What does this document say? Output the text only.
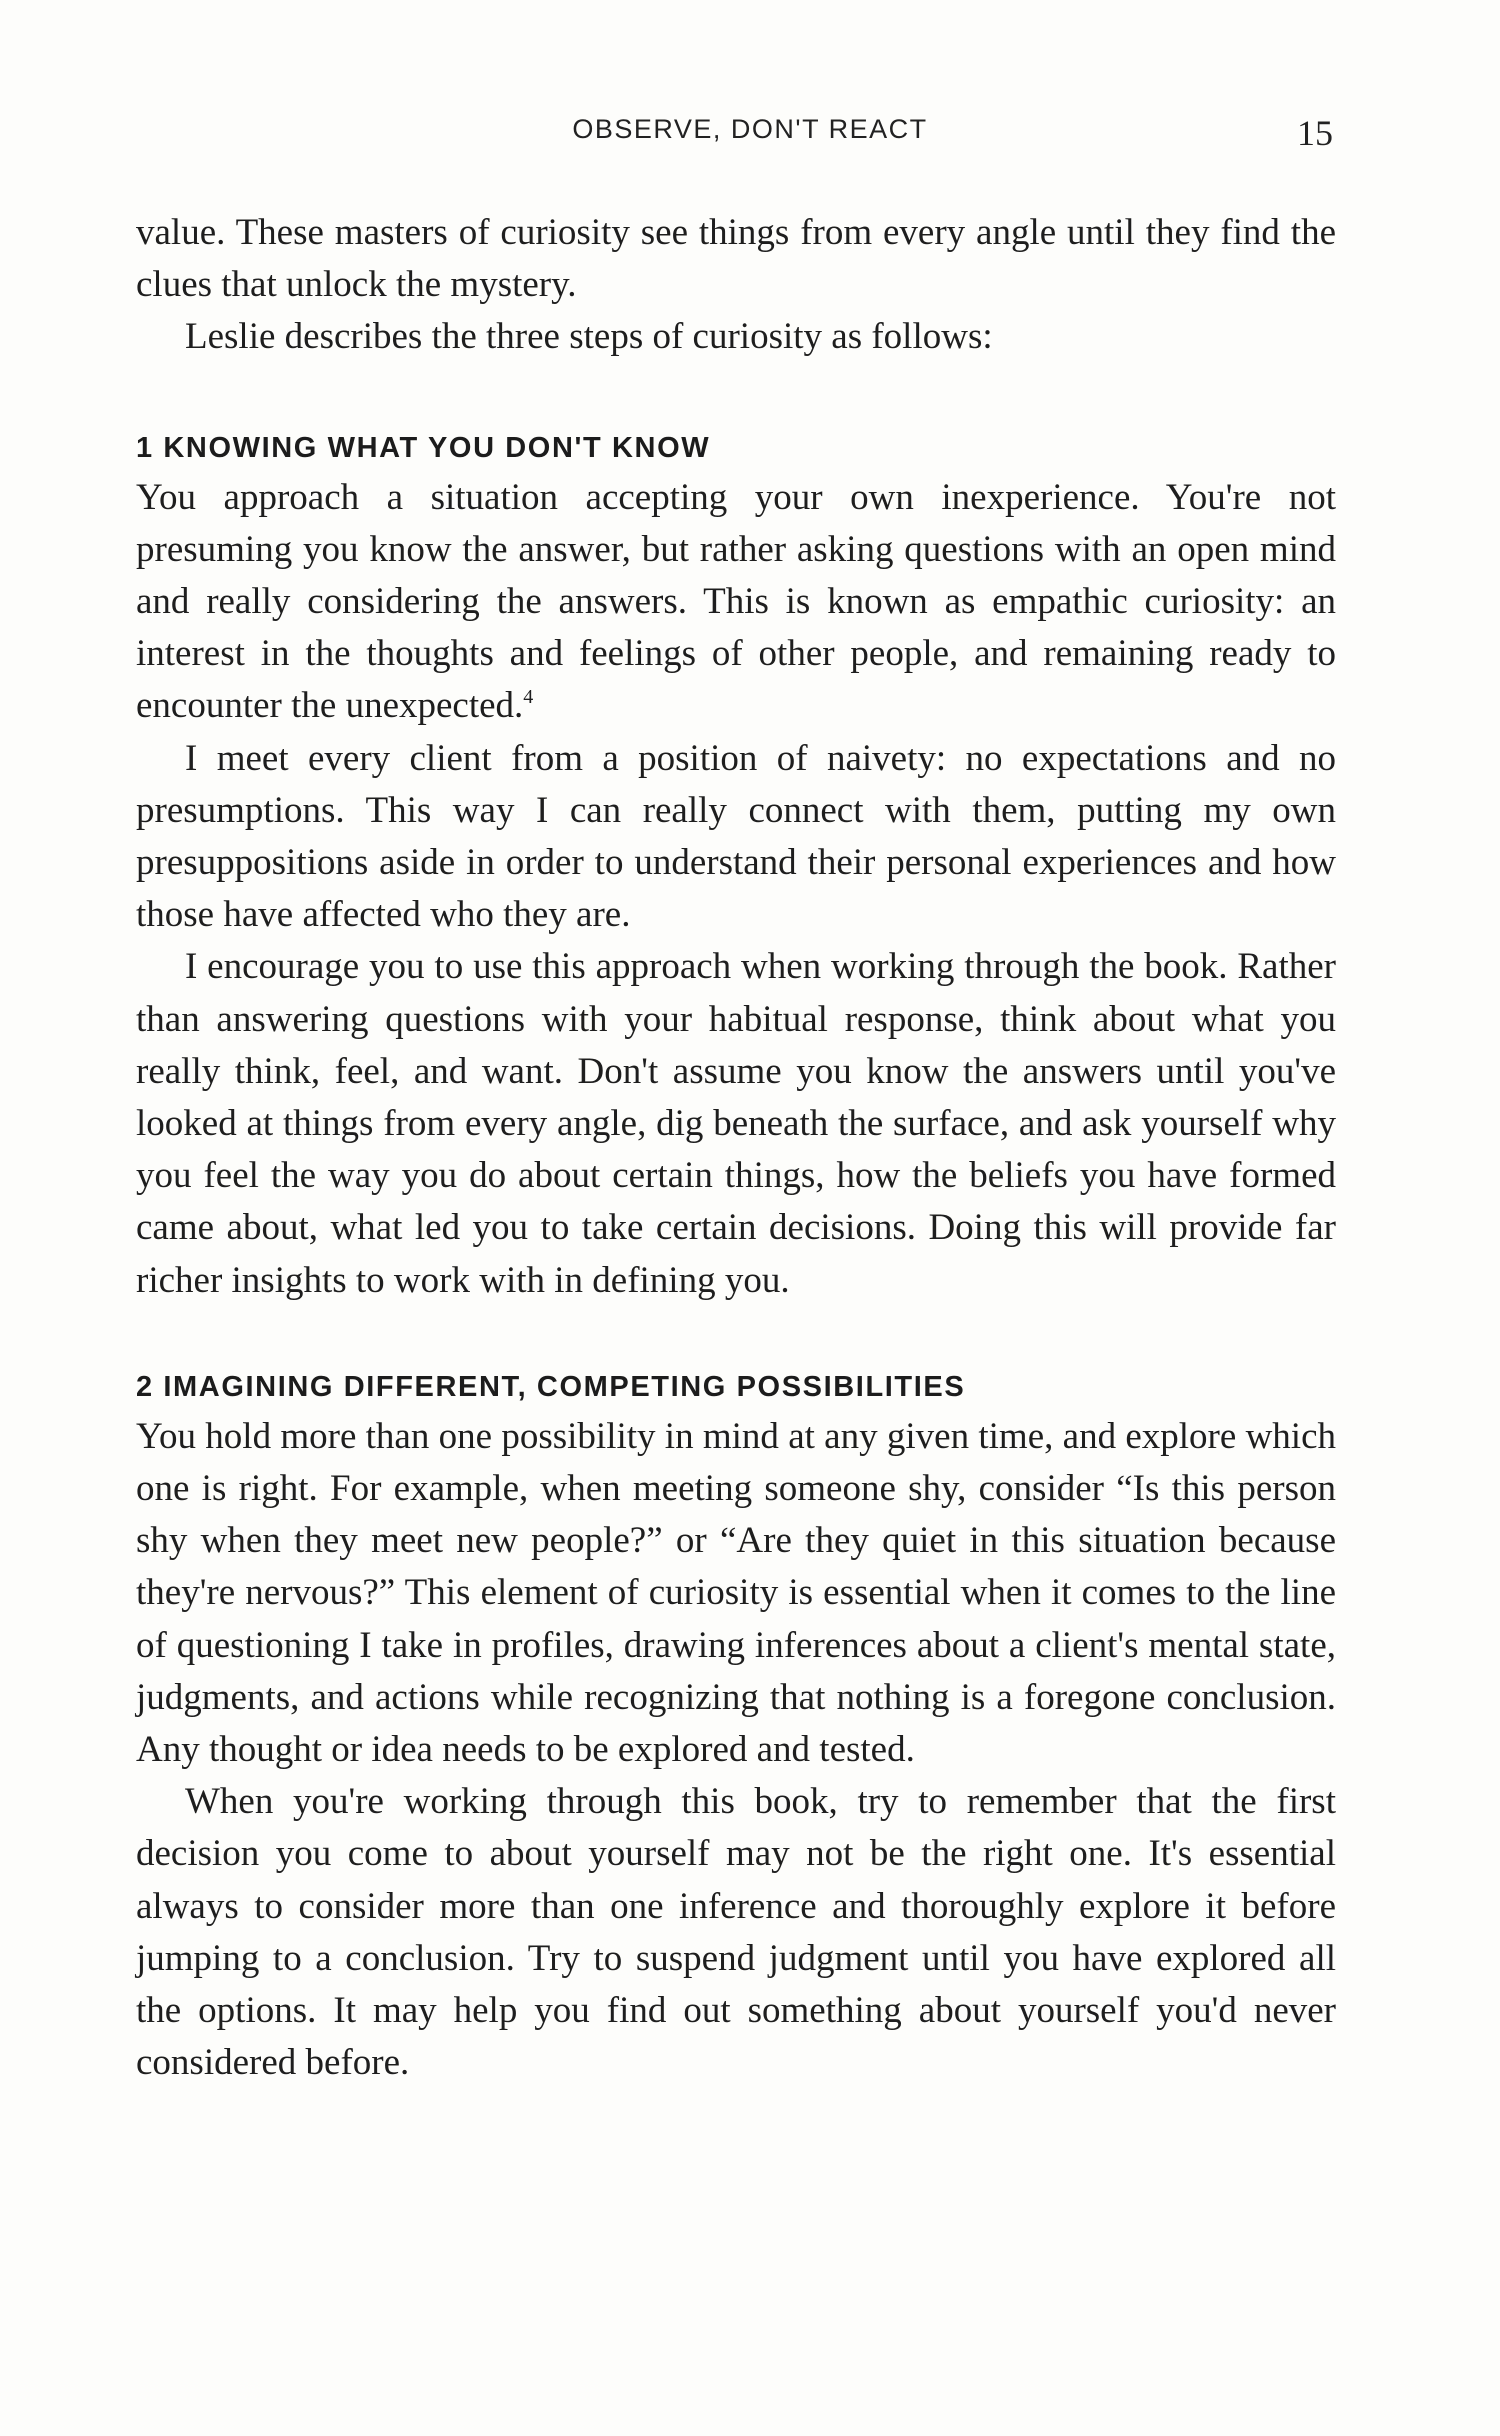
OBSERVE, DON'T REACT	15

value. These masters of curiosity see things from every angle until they find the clues that unlock the mystery.

Leslie describes the three steps of curiosity as follows:

1 KNOWING WHAT YOU DON'T KNOW

You approach a situation accepting your own inexperience. You're not presuming you know the answer, but rather asking questions with an open mind and really considering the answers. This is known as empathic curiosity: an interest in the thoughts and feelings of other people, and remaining ready to encounter the unexpected.$^4$

I meet every client from a position of naivety: no expectations and no presumptions. This way I can really connect with them, putting my own presuppositions aside in order to understand their personal experiences and how those have affected who they are.

I encourage you to use this approach when working through the book. Rather than answering questions with your habitual response, think about what you really think, feel, and want. Don't assume you know the answers until you've looked at things from every angle, dig beneath the surface, and ask yourself why you feel the way you do about certain things, how the beliefs you have formed came about, what led you to take certain decisions. Doing this will provide far richer insights to work with in defining you.

2 IMAGINING DIFFERENT, COMPETING POSSIBILITIES

You hold more than one possibility in mind at any given time, and explore which one is right. For example, when meeting someone shy, consider “Is this person shy when they meet new people?” or “Are they quiet in this situation because they're nervous?” This element of curiosity is essential when it comes to the line of questioning I take in profiles, drawing inferences about a client's mental state, judgments, and actions while recognizing that nothing is a foregone conclusion. Any thought or idea needs to be explored and tested.

When you're working through this book, try to remember that the first decision you come to about yourself may not be the right one. It's essential always to consider more than one inference and thoroughly explore it before jumping to a conclusion. Try to suspend judgment until you have explored all the options. It may help you find out something about yourself you'd never considered before.
